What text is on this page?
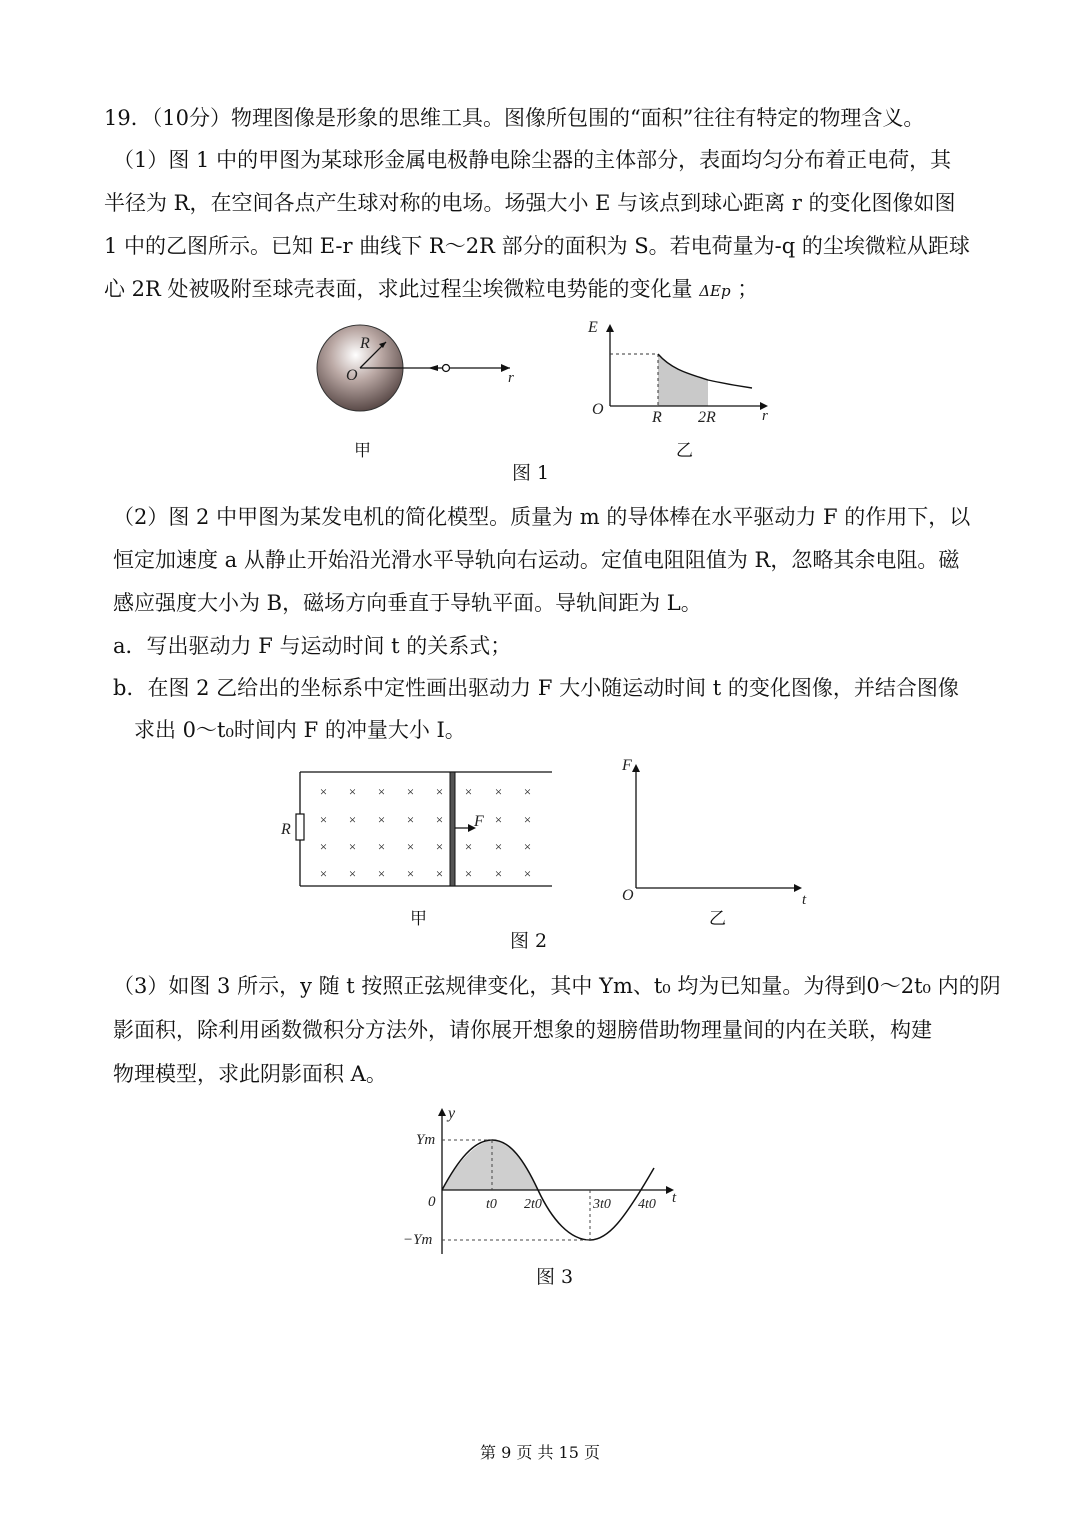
19．（10分）物理图像是形象的思维工具。图像所包围的“面积”往往有特定的物理含义。
（1）图 1 中的甲图为某球形金属电极静电除尘器的主体部分，表面均匀分布着正电荷，其
半径为 R，在空间各点产生球对称的电场。场强大小 E 与该点到球心距离 r 的变化图像如图
1 中的乙图所示。已知 E-r 曲线下 R～2R 部分的面积为 S。若电荷量为-q 的尘埃微粒从距球
心 2R 处被吸附至球壳表面，求此过程尘埃微粒电势能的变化量 ΔEp ；
R
O	r
甲
E
O	R 2R	r
乙
图 1
（2）图 2 中甲图为某发电机的简化模型。质量为 m 的导体棒在水平驱动力 F 的作用下，以
恒定加速度 a 从静止开始沿光滑水平导轨向右运动。定值电阻阻值为 R，忽略其余电阻。磁
感应强度大小为 B，磁场方向垂直于导轨平面。导轨间距为 L。
a．写出驱动力 F 与运动时间 t 的关系式；
b．在图 2 乙给出的坐标系中定性画出驱动力 F 大小随运动时间 t 的变化图像，并结合图像
求出 0～t₀时间内 F 的冲量大小 I。
R
× × × × × × × ×
× × × × ×	× ×
× × × × × × × ×
× × × × × × × ×
F
甲
F
O	t
乙
图 2
（3）如图 3 所示，y 随 t 按照正弦规律变化，其中 Ym、t₀ 均为已知量。为得到0～2t₀ 内的阴
影面积，除利用函数微积分方法外，请你展开想象的翅膀借助物理量间的内在关联，构建
物理模型，求此阴影面积 A。
y
Ym
−Ym
0	t0 2t0	3t0 4t0 t
图 3
第 9 页 共 15 页
